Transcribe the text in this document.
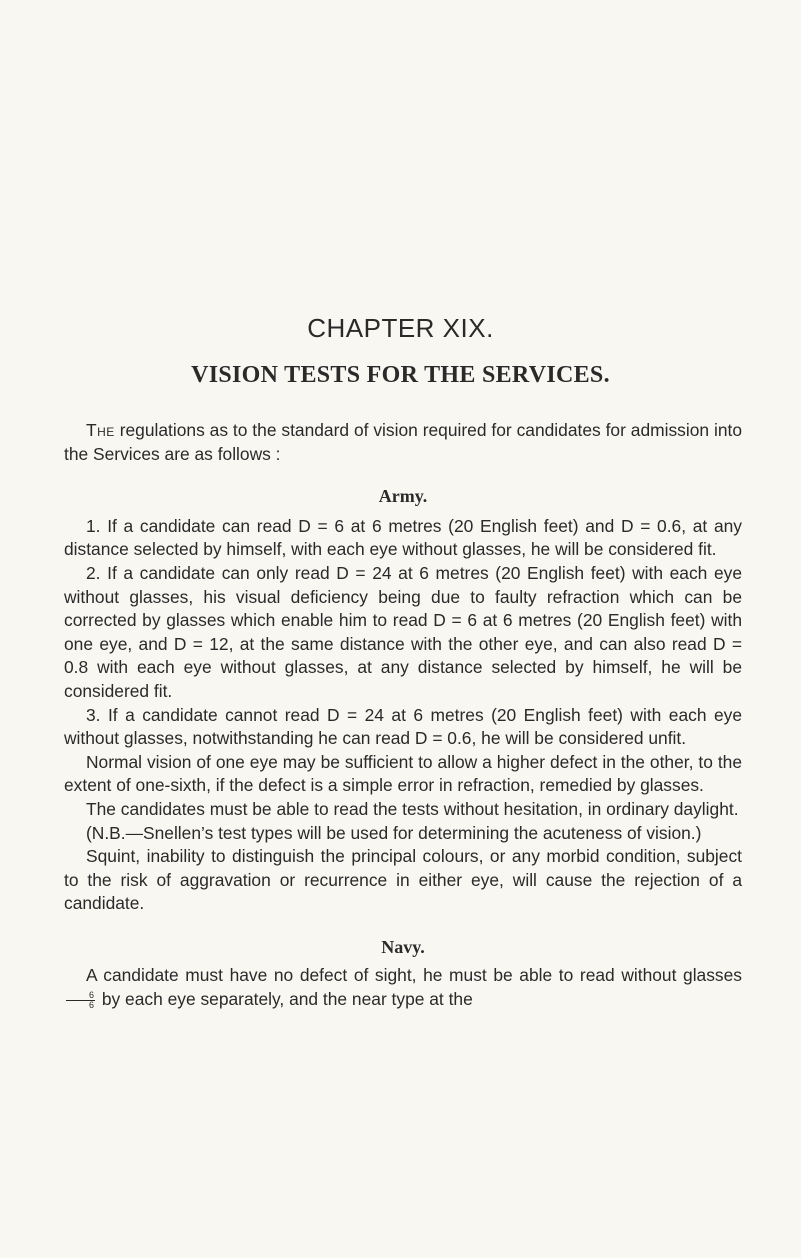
CHAPTER XIX.
VISION TESTS FOR THE SERVICES.

The regulations as to the standard of vision required for candidates for admission into the Services are as follows :

Army.

1. If a candidate can read D = 6 at 6 metres (20 English feet) and D = 0.6, at any distance selected by himself, with each eye without glasses, he will be considered fit.

2. If a candidate can only read D = 24 at 6 metres (20 English feet) with each eye without glasses, his visual deficiency being due to faulty refraction which can be corrected by glasses which enable him to read D = 6 at 6 metres (20 English feet) with one eye, and D = 12, at the same distance with the other eye, and can also read D = 0.8 with each eye without glasses, at any distance selected by himself, he will be considered fit.

3. If a candidate cannot read D = 24 at 6 metres (20 English feet) with each eye without glasses, notwithstanding he can read D = 0.6, he will be considered unfit.

Normal vision of one eye may be sufficient to allow a higher defect in the other, to the extent of one-sixth, if the defect is a simple error in refraction, remedied by glasses.

The candidates must be able to read the tests without hesitation, in ordinary daylight.

(N.B.—Snellen’s test types will be used for determining the acuteness of vision.)

Squint, inability to distinguish the principal colours, or any morbid condition, subject to the risk of aggravation or recurrence in either eye, will cause the rejection of a candidate.

Navy.

A candidate must have no defect of sight, he must be able to read without glasses
$\frac{6}{6}$ by each eye separately, and the near type at the
